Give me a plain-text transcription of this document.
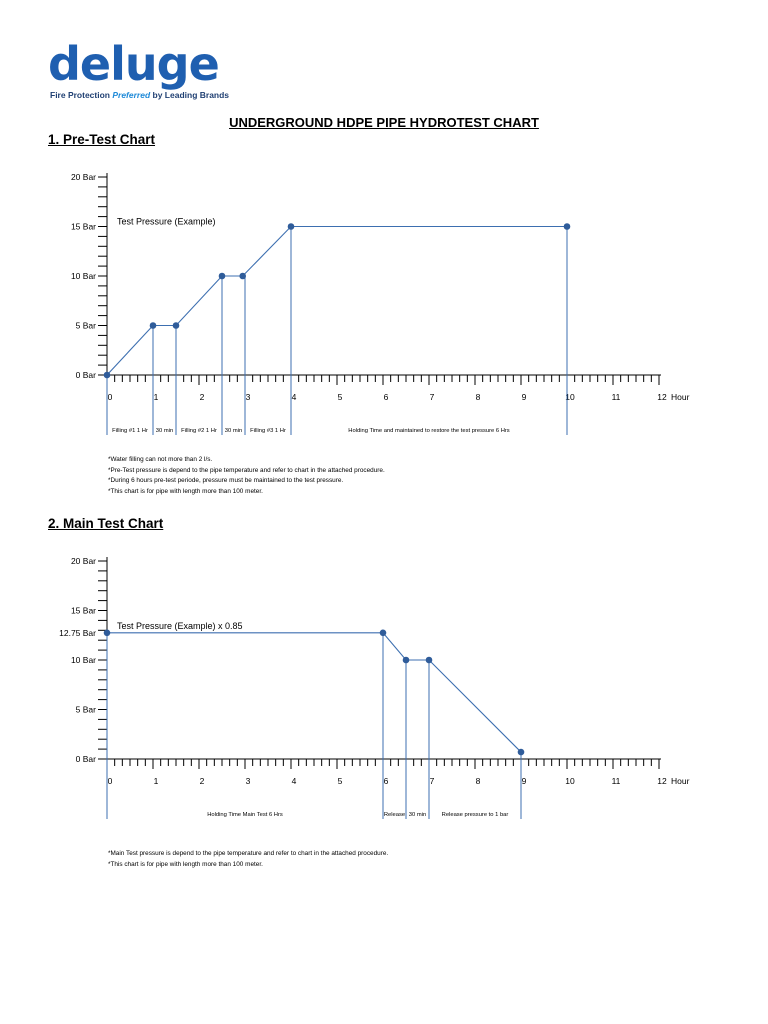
deluge
Fire Protection Preferred by Leading Brands
UNDERGROUND HDPE PIPE HYDROTEST CHART
1. Pre-Test Chart
0 Bar
5 Bar
10 Bar
15 Bar
20 Bar
0	1	2	3	4	5	6	7	8	9	10	11	12 Hour
Test Pressure (Example)
Filling #1 1 Hr 30 min Filling #2 1 Hr 30 min Filling #3 1 Hr	Holding Time and maintained to restore the test pressure 6 Hrs
*Water filling can not more than 2 l/s.
*Pre-Test pressure is depend to the pipe temperature and refer to chart in the attached procedure.
*During 6 hours pre-test periode, pressure must be maintained to the test pressure.
*This chart is for pipe with length more than 100 meter.
2. Main Test Chart
0 Bar
5 Bar
10 Bar
12.75 Bar
15 Bar
20 Bar
0	1	2	3	4	5	6	7	8	9	10	11	12 Hour
Test Pressure (Example) x 0.85
Holding Time Main Test 6 Hrs	Release 30 min	Release pressure to 1 bar
*Main Test pressure is depend to the pipe temperature and refer to chart in the attached procedure.
*This chart is for pipe with length more than 100 meter.
